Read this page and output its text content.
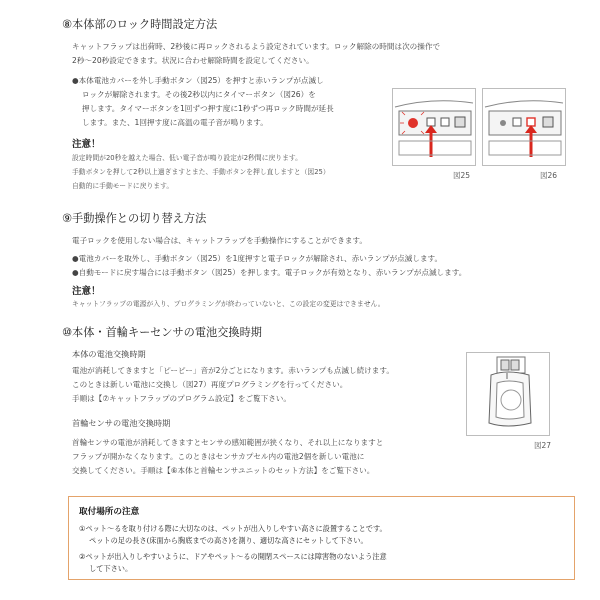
⑧本体部のロック時間設定方法
キャットフラップは出荷時、2秒後に再ロックされるよう設定されています。ロック解除の時間は次の操作で
2秒～20秒設定できます。状況に合わせ解除時間を設定してください。
●本体電池カバーを外し手動ボタン（図25）を押すと赤いランプが点滅し
ロックが解除されます。その後2秒以内にタイマーボタン（図26）を
押します。タイマーボタンを1回ずつ押す度に1秒ずつ再ロック時間が延長
します。また、1回押す度に高温の電子音が鳴ります。
注意！
設定時間が20秒を越えた場合、低い電子音が鳴り設定が2秒間に戻ります。
手動ボタンを押して2秒以上過ぎますとまた、手動ボタンを押し直しますと（図25）
自動的に手動モードに戻ります。
図25	図26
⑨手動操作との切り替え方法
電子ロックを使用しない場合は、キャットフラップを手動操作にすることができます。
●電池カバーを取外し、手動ボタン（図25）を1度押すと電子ロックが解除され、赤いランプが点滅します。
●自動モードに戻す場合には手動ボタン（図25）を押します。電子ロックが有効となり、赤いランプが点滅します。
注意！
キャットフラップの電源が入り、プログラミングが終わっていないと、この設定の変更はできません。
⑩本体・首輪キーセンサの電池交換時期
本体の電池交換時期
電池が消耗してきますと「ピーピー」音が2分ごとになります。赤いランプも点滅し続けます。
このときは新しい電池に交換し（図27）再度プログラミングを行ってください。
手順は【⑦キャットフラップのプログラム設定】をご覧下さい。
首輪センサの電池交換時期
首輪センサの電池が消耗してきますとセンサの感知範囲が狭くなり、それ以上になりますと
フラップが開かなくなります。このときはセンサカプセル内の電池2個を新しい電池に
交換してください。手順は【⑥本体と首輪センサユニットのセット方法】をご覧下さい。
図27
取付場所の注意
①ペット～るを取り付ける際に大切なのは、ペットが出入りしやすい高さに設置することです。
ペットの足の長さ(床面から胸底までの高さ)を測り、適切な高さにセットして下さい。
②ペットが出入りしやすいように、ドアやペット～るの開閉スペースには障害物のないよう注意
して下さい。
